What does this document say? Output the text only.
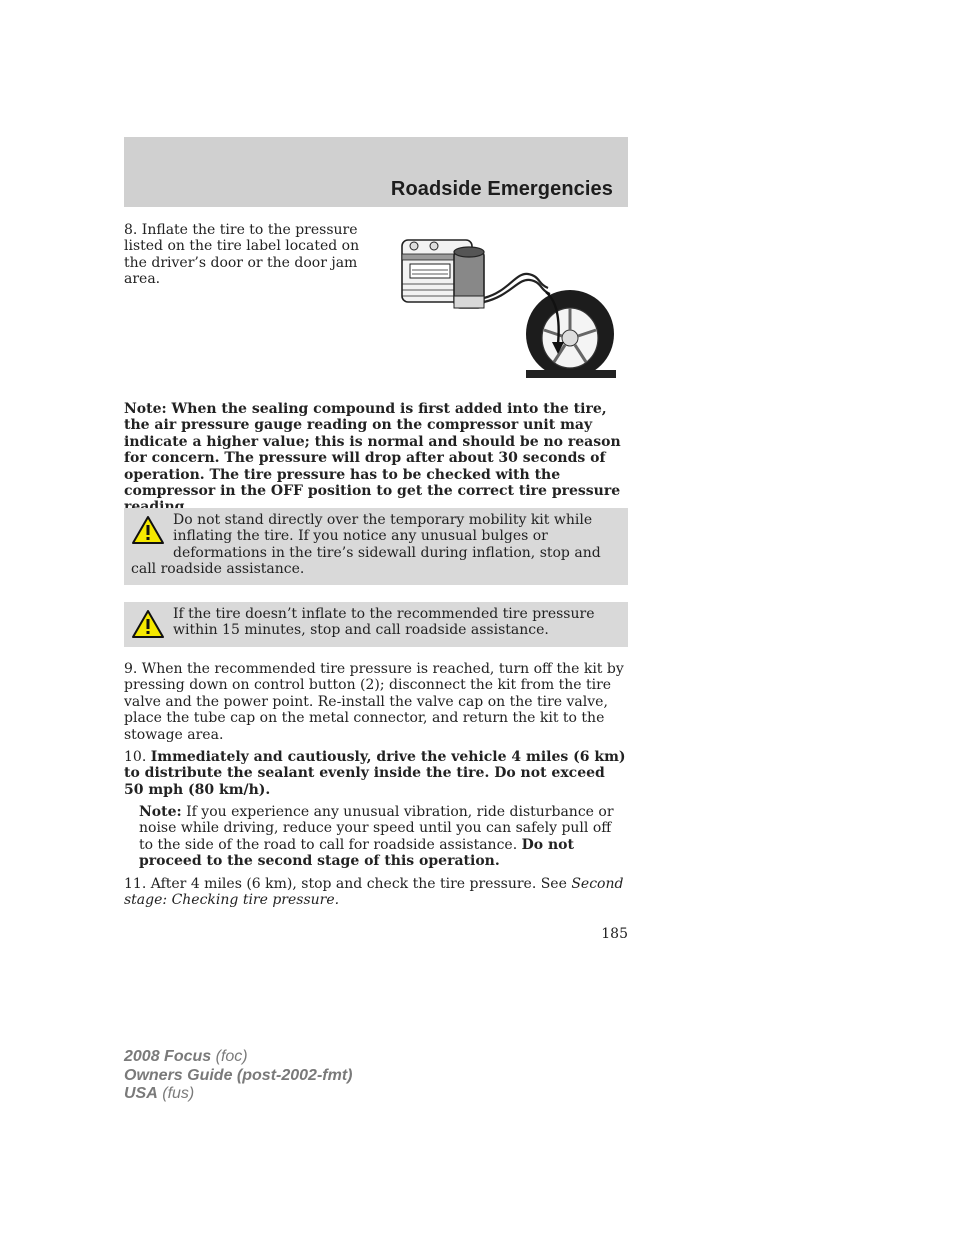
Roadside Emergencies

8. Inflate the tire to the pressure listed on the tire label located on the driver’s door or the door jam area.

Note: When the sealing compound is first added into the tire, the air pressure gauge reading on the compressor unit may indicate a higher value; this is normal and should be no reason for concern. The pressure will drop after about 30 seconds of operation. The tire pressure has to be checked with the compressor in the OFF position to get the correct tire pressure

Do not stand directly over the temporary mobility kit while inflating the tire. If you notice any unusual bulges or deformations in the tire’s sidewall during inflation, stop and call roadside assistance.
If the tire doesn’t inflate to the recommended tire pressure within 15 minutes, stop and call roadside assistance.

9. When the recommended tire pressure is reached, turn off the kit by pressing down on control button (2); disconnect the kit from the tire valve and the power point. Re-install the valve cap on the tire valve, place the tube cap on the metal connector, and return the kit to the stowage area.

10. Immediately and cautiously, drive the vehicle 4 miles (6 km) to distribute the sealant evenly inside the tire. Do not exceed 50 mph (80 km/h).

Note: If you experience any unusual vibration, ride disturbance or noise while driving, reduce your speed until you can safely pull off to the side of the road to call for roadside assistance. Do not proceed to the second stage of this operation.

11. After 4 miles (6 km), stop and check the tire pressure. See Second stage: Checking tire pressure.

185
2008 Focus (foc)
Owners Guide (post-2002-fmt)
USA (fus)
